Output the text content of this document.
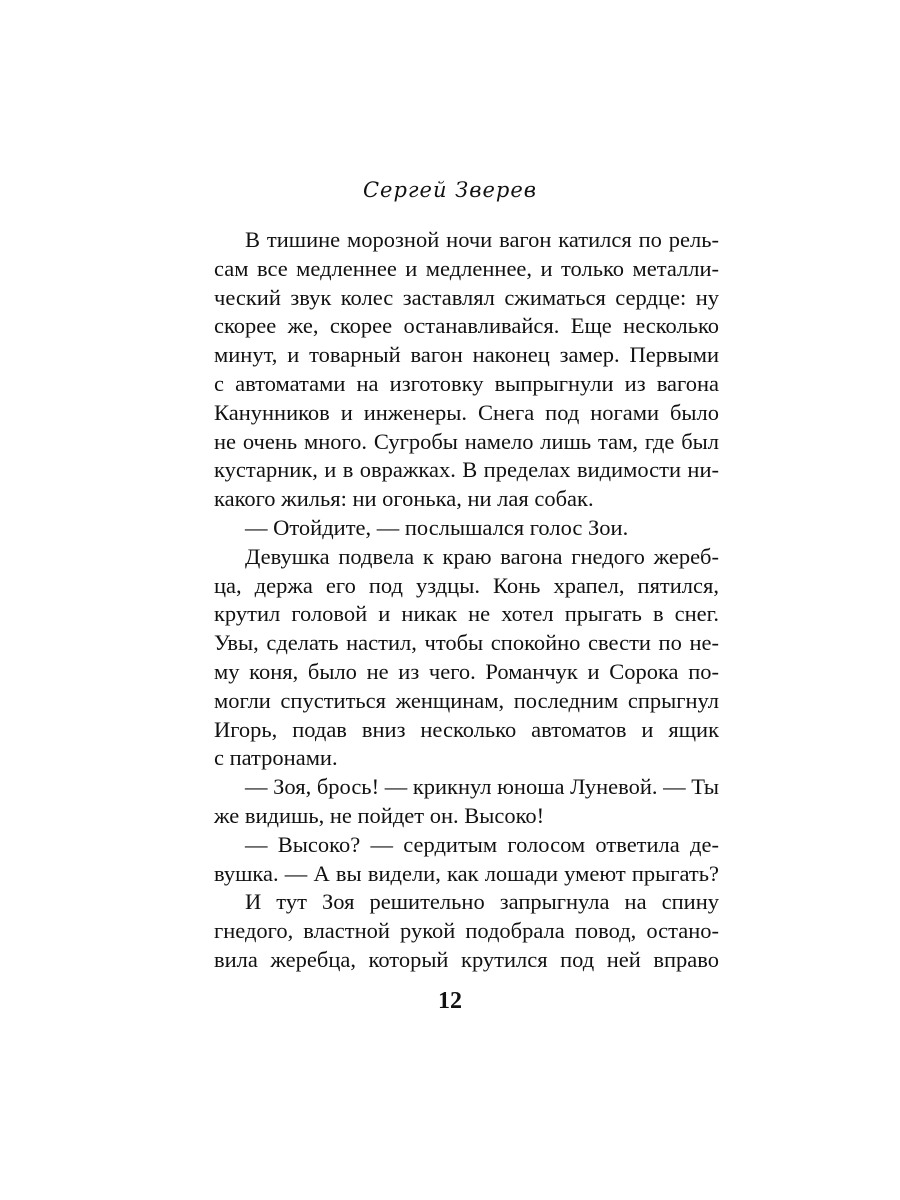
Сергей Зверев
В тишине морозной ночи вагон катился по рель-
сам все медленнее и медленнее, и только металли-
ческий звук колес заставлял сжиматься сердце: ну
скорее же, скорее останавливайся. Еще несколько
минут, и товарный вагон наконец замер. Первыми
с автоматами на изготовку выпрыгнули из вагона
Канунников и инженеры. Снега под ногами было
не очень много. Сугробы намело лишь там, где был
кустарник, и в овражках. В пределах видимости ни-
какого жилья: ни огонька, ни лая собак.
— Отойдите, — послышался голос Зои.
Девушка подвела к краю вагона гнедого жереб-
ца, держа его под уздцы. Конь храпел, пятился,
крутил головой и никак не хотел прыгать в снег.
Увы, сделать настил, чтобы спокойно свести по не-
му коня, было не из чего. Романчук и Сорока по-
могли спуститься женщинам, последним спрыгнул
Игорь, подав вниз несколько автоматов и ящик
с патронами.
— Зоя, брось! — крикнул юноша Луневой. — Ты
же видишь, не пойдет он. Высоко!
— Высоко? — сердитым голосом ответила де-
вушка. — А вы видели, как лошади умеют прыгать?
И тут Зоя решительно запрыгнула на спину
гнедого, властной рукой подобрала повод, остано-
вила жеребца, который крутился под ней вправо
12
